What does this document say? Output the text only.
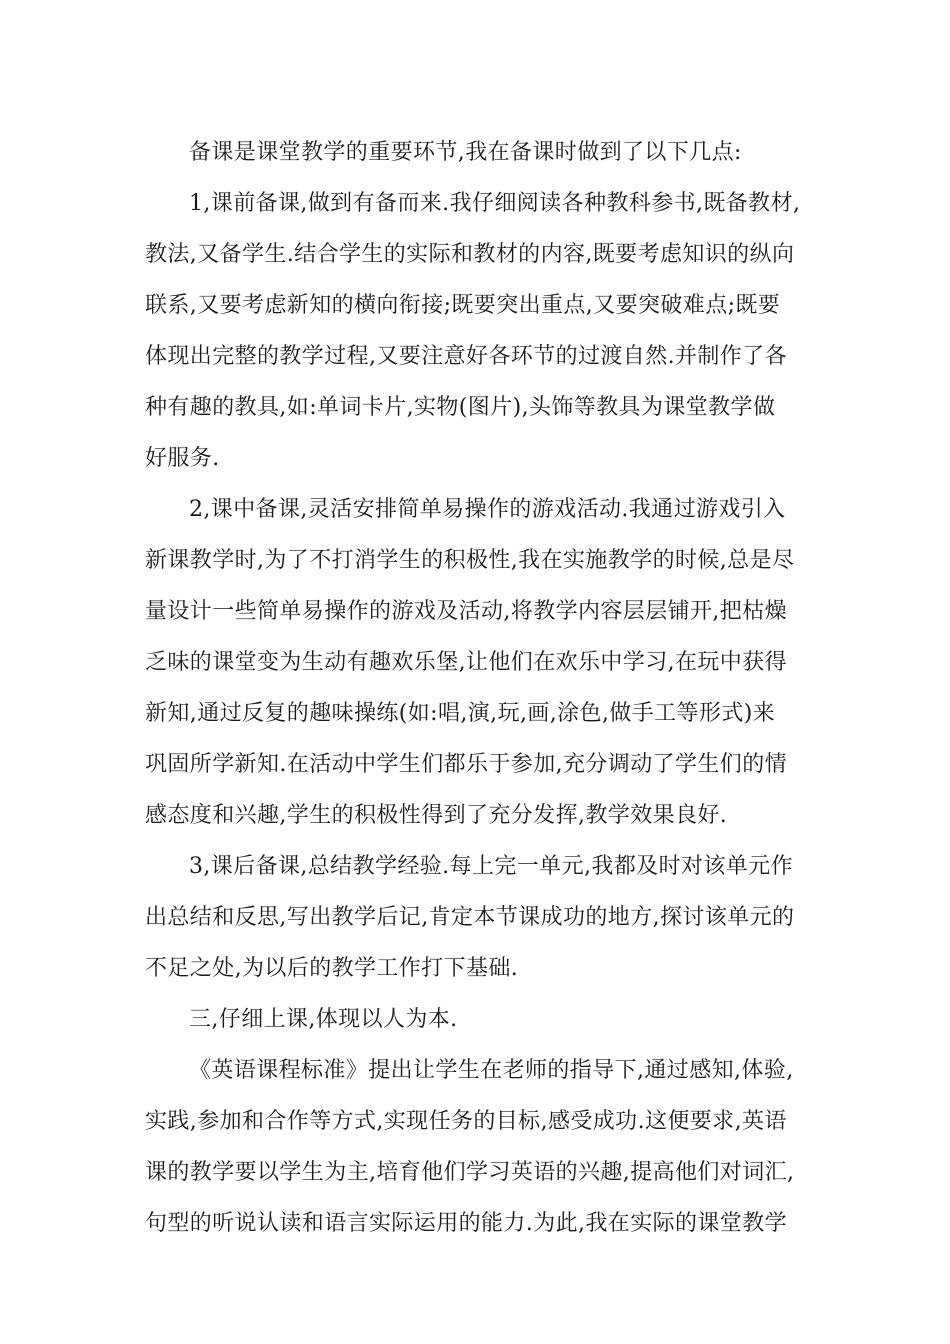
备课是课堂教学的重要环节,我在备课时做到了以下几点:
1,课前备课,做到有备而来.我仔细阅读各种教科参书,既备教材,
教法,又备学生.结合学生的实际和教材的内容,既要考虑知识的纵向
联系,又要考虑新知的横向衔接;既要突出重点,又要突破难点;既要
体现出完整的教学过程,又要注意好各环节的过渡自然.并制作了各
种有趣的教具,如:单词卡片,实物(图片),头饰等教具为课堂教学做
好服务.
2,课中备课,灵活安排简单易操作的游戏活动.我通过游戏引入
新课教学时,为了不打消学生的积极性,我在实施教学的时候,总是尽
量设计一些简单易操作的游戏及活动,将教学内容层层铺开,把枯燥
乏味的课堂变为生动有趣欢乐堡,让他们在欢乐中学习,在玩中获得
新知,通过反复的趣味操练(如:唱,演,玩,画,涂色,做手工等形式)来
巩固所学新知.在活动中学生们都乐于参加,充分调动了学生们的情
感态度和兴趣,学生的积极性得到了充分发挥,教学效果良好.
3,课后备课,总结教学经验.每上完一单元,我都及时对该单元作
出总结和反思,写出教学后记,肯定本节课成功的地方,探讨该单元的
不足之处,为以后的教学工作打下基础.
三,仔细上课,体现以人为本.
《英语课程标准》提出让学生在老师的指导下,通过感知,体验,
实践,参加和合作等方式,实现任务的目标,感受成功.这便要求,英语
课的教学要以学生为主,培育他们学习英语的兴趣,提高他们对词汇,
句型的听说认读和语言实际运用的能力.为此,我在实际的课堂教学
